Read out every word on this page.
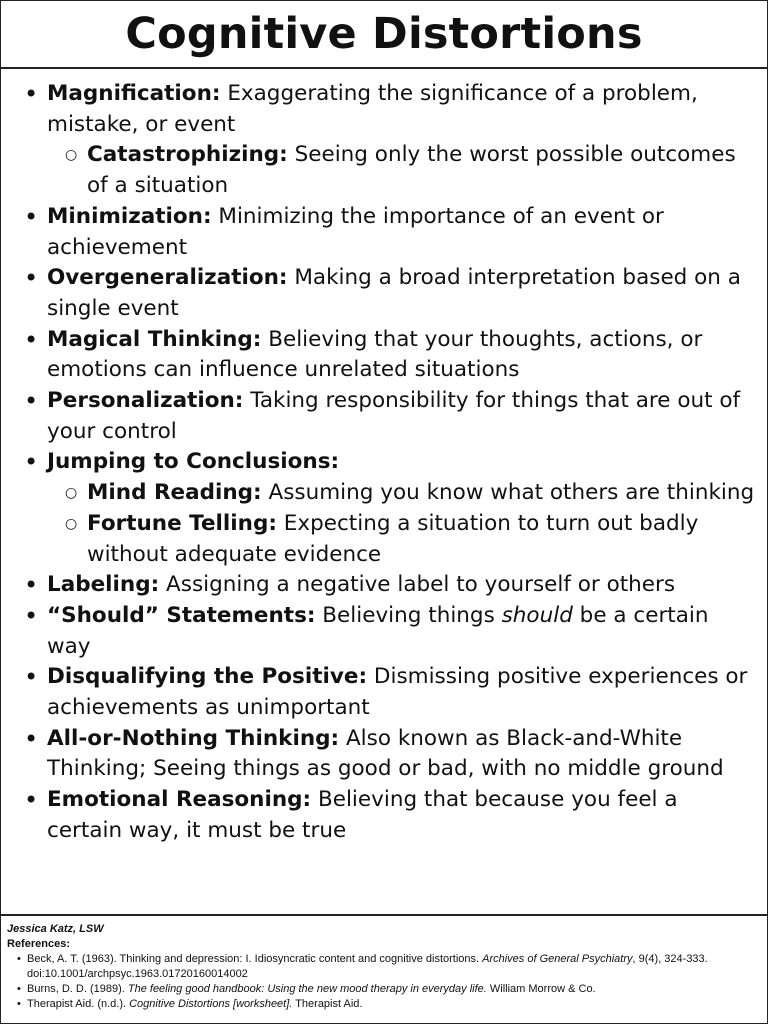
Cognitive Distortions
• Magnification: Exaggerating the significance of a problem, mistake, or event
○ Catastrophizing: Seeing only the worst possible outcomes of a situation
• Minimization: Minimizing the importance of an event or achievement
• Overgeneralization: Making a broad interpretation based on a single event
• Magical Thinking: Believing that your thoughts, actions, or emotions can influence unrelated situations
• Personalization: Taking responsibility for things that are out of your control
• Jumping to Conclusions:
○ Mind Reading: Assuming you know what others are thinking
○ Fortune Telling: Expecting a situation to turn out badly without adequate evidence
• Labeling: Assigning a negative label to yourself or others
• “Should” Statements: Believing things should be a certain way
• Disqualifying the Positive: Dismissing positive experiences or achievements as unimportant
• All-or-Nothing Thinking: Also known as Black-and-White Thinking; Seeing things as good or bad, with no middle ground
• Emotional Reasoning: Believing that because you feel a certain way, it must be true
Jessica Katz, LSW
References:
• Beck, A. T. (1963). Thinking and depression: I. Idiosyncratic content and cognitive distortions. Archives of General Psychiatry, 9(4), 324-333. doi:10.1001/archpsyc.1963.01720160014002
• Burns, D. D. (1989). The feeling good handbook: Using the new mood therapy in everyday life. William Morrow & Co.
• Therapist Aid. (n.d.). Cognitive Distortions [worksheet]. Therapist Aid.
